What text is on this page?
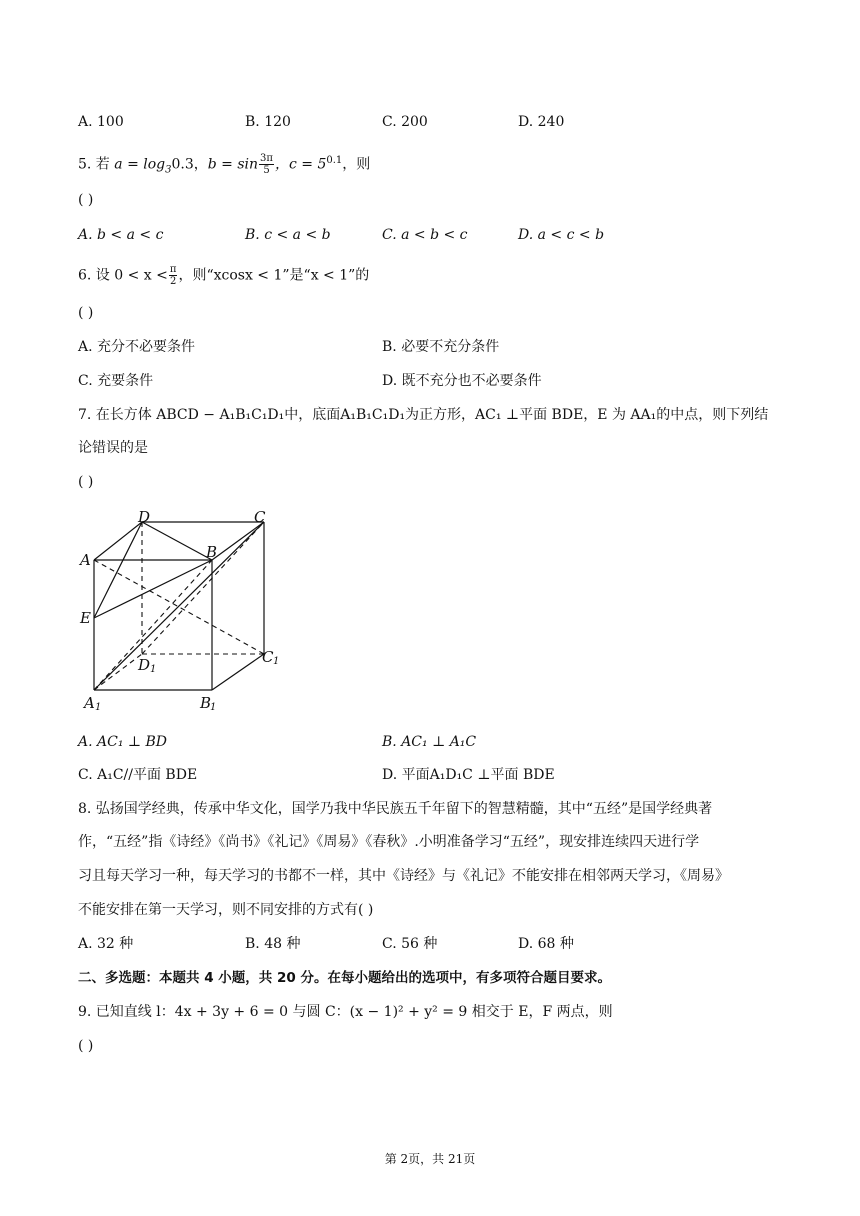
A. 100	B. 120	C. 200	D. 240
5. 若 $a = \log_30.3$，$b = \sin \frac{3\pi}{5}$ ，$c = 5^{0.1}$，则
( )
A. b < a < c	B. c < a < b	C. a < b < c	D. a < c < b
6. 设 $0 < x < \frac{\pi}{2}$ ，则“xcosx < 1”是“x < 1”的
( )
A. 充分不必要条件	B. 必要不充分条件
C. 充要条件	D. 既不充分也不必要条件
7. 在长方体 ABCD − A₁B₁C₁D₁中，底面A₁B₁C₁D₁为正方形，AC₁ ⊥平面 BDE，E 为 AA₁的中点，则下列结
论错误的是
( )
D	C
A	B
E
D 1
C 1
A 1	B
1
A. AC₁ ⊥ BD	B. AC₁ ⊥ A₁C
C. A₁C//平面 BDE	D. 平面A₁D₁C ⊥平面 BDE
8. 弘扬国学经典，传承中华文化，国学乃我中华民族五千年留下的智慧精髓，其中“五经”是国学经典著
作，“五经”指《诗经》《尚书》《礼记》《周易》《春秋》.小明准备学习“五经”，现安排连续四天进行学
习且每天学习一种，每天学习的书都不一样，其中《诗经》与《礼记》不能安排在相邻两天学习，《周易》
不能安排在第一天学习，则不同安排的方式有( )
A. 32 种	B. 48 种	C. 56 种	D. 68 种
二、多选题：本题共 4 小题，共 20 分。在每小题给出的选项中，有多项符合题目要求。
9. 已知直线 l：4x + 3y + 6 = 0 与圆 C：(x − 1)² + y² = 9 相交于 E，F 两点，则
( )
第 2页，共 21页
